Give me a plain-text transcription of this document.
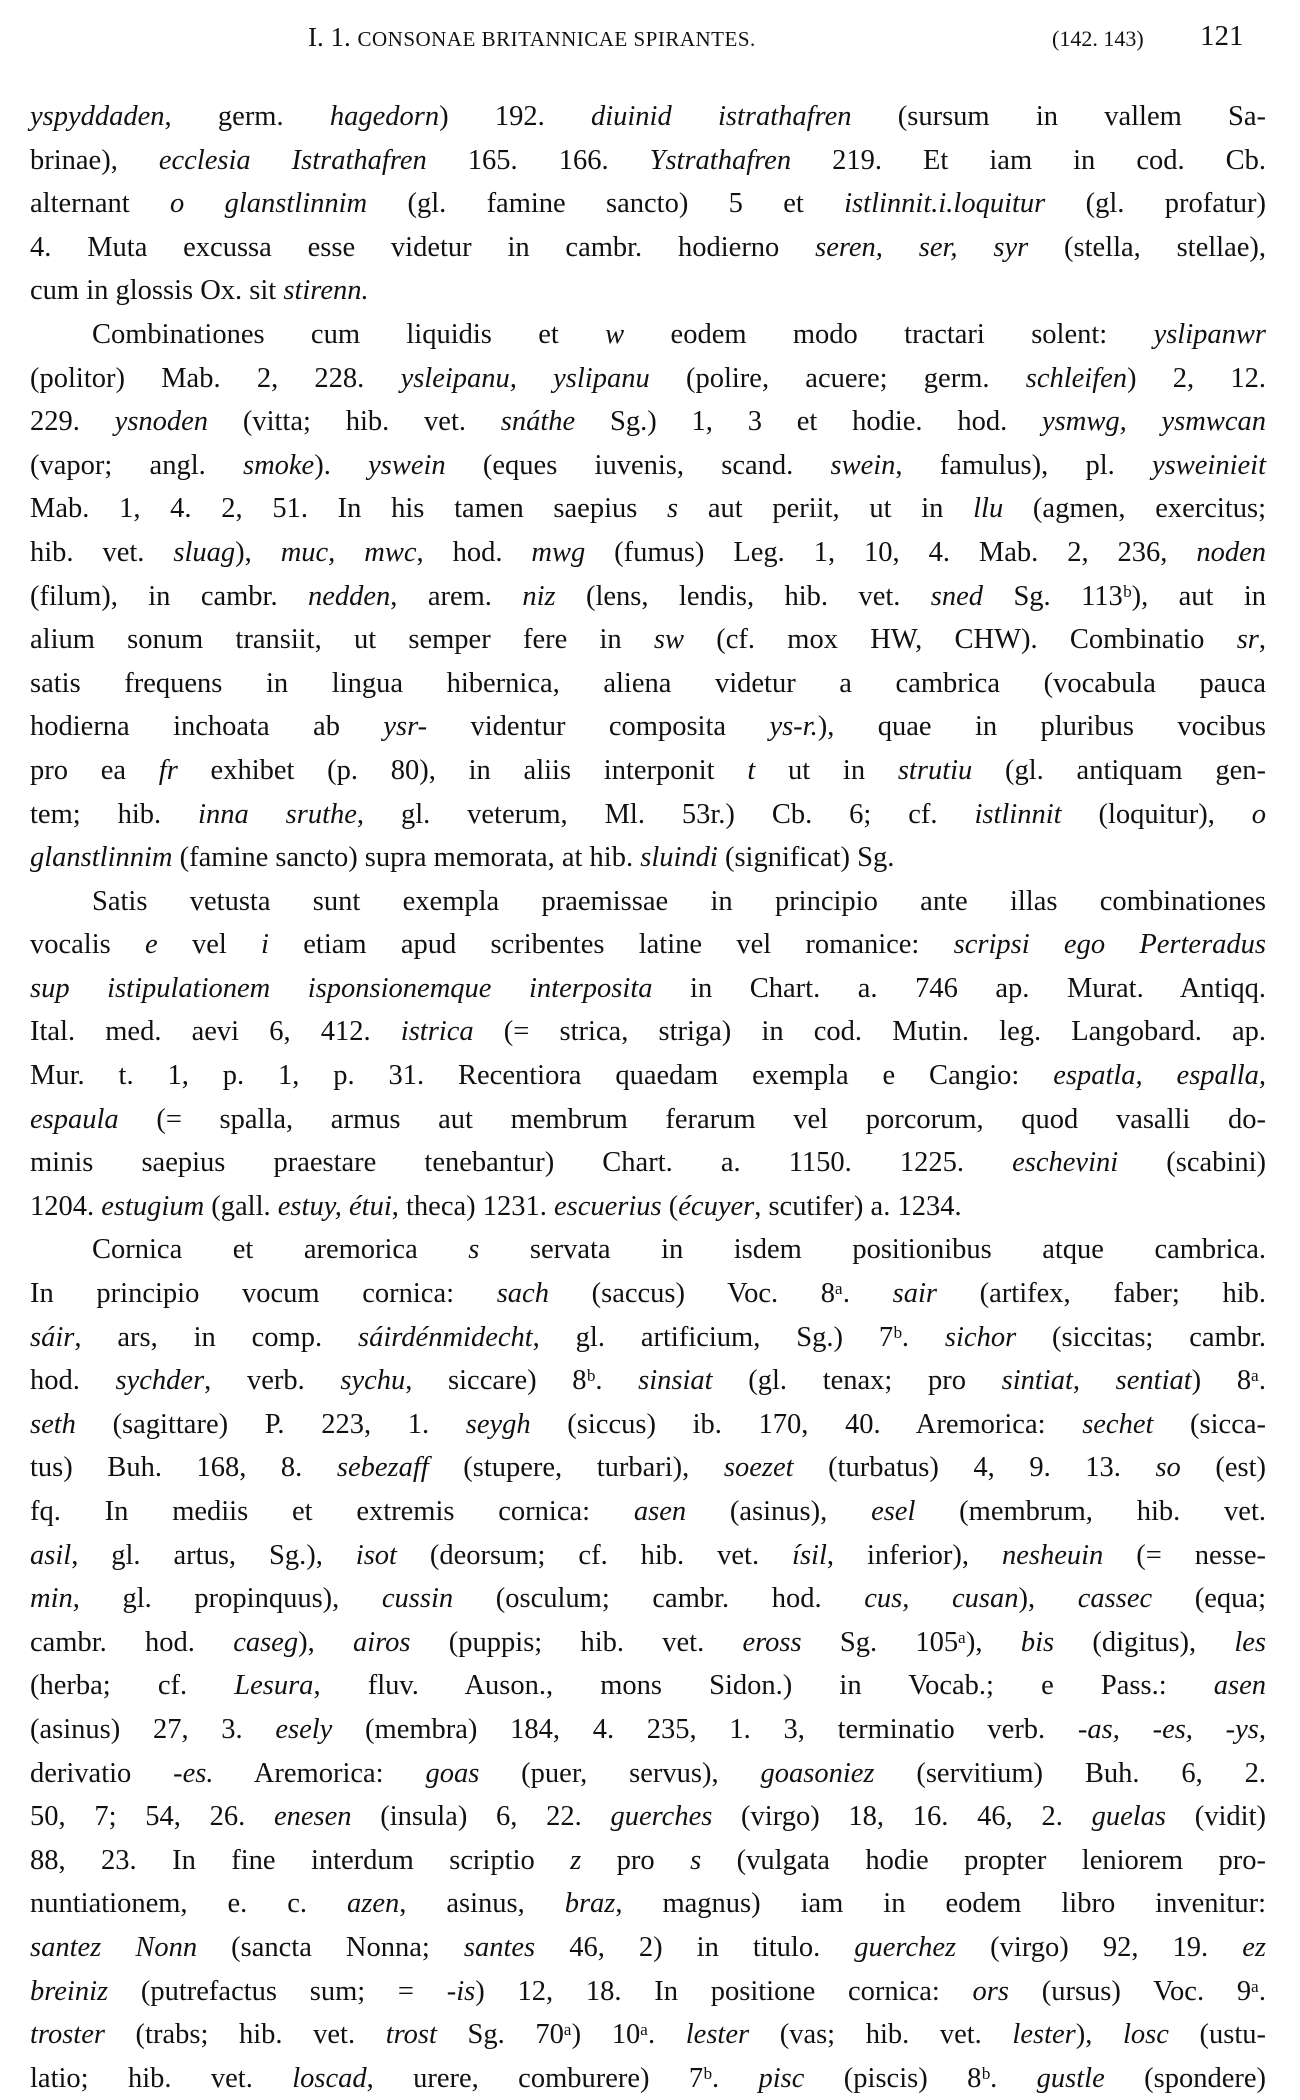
I. 1. CONSONAE BRITANNICAE SPIRANTES.	(142. 143) 121
yspyddaden, germ. hagedorn) 192. diuinid istrathafren (sursum in vallem Sa-
brinae), ecclesia Istrathafren 165. 166. Ystrathafren 219. Et iam in cod. Cb.
alternant o glanstlinnim (gl. famine sancto) 5 et istlinnit.i.loquitur (gl. profatur)
4. Muta excussa esse videtur in cambr. hodierno seren, ser, syr (stella, stellae),
cum in glossis Ox. sit stirenn.
Combinationes cum liquidis et w eodem modo tractari solent: yslipanwr
(politor) Mab. 2, 228. ysleipanu, yslipanu (polire, acuere; germ. schleifen) 2, 12.
229. ysnoden (vitta; hib. vet. snáthe Sg.) 1, 3 et hodie. hod. ysmwg, ysmwcan
(vapor; angl. smoke). yswein (eques iuvenis, scand. swein, famulus), pl. ysweinieit
Mab. 1, 4. 2, 51. In his tamen saepius s aut periit, ut in llu (agmen, exercitus;
hib. vet. sluag), muc, mwc, hod. mwg (fumus) Leg. 1, 10, 4. Mab. 2, 236, noden
(filum), in cambr. nedden, arem. niz (lens, lendis, hib. vet. sned Sg. 113ᵇ), aut in
alium sonum transiit, ut semper fere in sw (cf. mox HW, CHW). Combinatio sr,
satis frequens in lingua hibernica, aliena videtur a cambrica (vocabula pauca
hodierna inchoata ab ysr- videntur composita ys-r.), quae in pluribus vocibus
pro ea fr exhibet (p. 80), in aliis interponit t ut in strutiu (gl. antiquam gen-
tem; hib. inna sruthe, gl. veterum, Ml. 53r.) Cb. 6; cf. istlinnit (loquitur), o
glanstlinnim (famine sancto) supra memorata, at hib. sluindi (significat) Sg.
Satis vetusta sunt exempla praemissae in principio ante illas combinationes
vocalis e vel i etiam apud scribentes latine vel romanice: scripsi ego Perteradus
sup istipulationem isponsionemque interposita in Chart. a. 746 ap. Murat. Antiqq.
Ital. med. aevi 6, 412. istrica (= strica, striga) in cod. Mutin. leg. Langobard. ap.
Mur. t. 1, p. 1, p. 31. Recentiora quaedam exempla e Cangio: espatla, espalla,
espaula (= spalla, armus aut membrum ferarum vel porcorum, quod vasalli do-
minis saepius praestare tenebantur) Chart. a. 1150. 1225. eschevini (scabini)
1204. estugium (gall. estuy, étui, theca) 1231. escuerius (écuyer, scutifer) a. 1234.
Cornica et aremorica s servata in isdem positionibus atque cambrica.
In principio vocum cornica: sach (saccus) Voc. 8ᵃ. sair (artifex, faber; hib.
sáir, ars, in comp. sáirdénmidecht, gl. artificium, Sg.) 7ᵇ. sichor (siccitas; cambr.
hod. sychder, verb. sychu, siccare) 8ᵇ. sinsiat (gl. tenax; pro sintiat, sentiat) 8ᵃ.
seth (sagittare) P. 223, 1. seygh (siccus) ib. 170, 40. Aremorica: sechet (sicca-
tus) Buh. 168, 8. sebezaff (stupere, turbari), soezet (turbatus) 4, 9. 13. so (est)
fq. In mediis et extremis cornica: asen (asinus), esel (membrum, hib. vet.
asil, gl. artus, Sg.), isot (deorsum; cf. hib. vet. ísil, inferior), nesheuin (= nesse-
min, gl. propinquus), cussin (osculum; cambr. hod. cus, cusan), cassec (equa;
cambr. hod. caseg), airos (puppis; hib. vet. eross Sg. 105ᵃ), bis (digitus), les
(herba; cf. Lesura, fluv. Auson., mons Sidon.) in Vocab.; e Pass.: asen
(asinus) 27, 3. esely (membra) 184, 4. 235, 1. 3, terminatio verb. -as, -es, -ys,
derivatio -es. Aremorica: goas (puer, servus), goasoniez (servitium) Buh. 6, 2.
50, 7; 54, 26. enesen (insula) 6, 22. guerches (virgo) 18, 16. 46, 2. guelas (vidit)
88, 23. In fine interdum scriptio z pro s (vulgata hodie propter leniorem pro-
nuntiationem, e. c. azen, asinus, braz, magnus) iam in eodem libro invenitur:
santez Nonn (sancta Nonna; santes 46, 2) in titulo. guerchez (virgo) 92, 19. ez
breiniz (putrefactus sum; = -is) 12, 18. In positione cornica: ors (ursus) Voc. 9ᵃ.
troster (trabs; hib. vet. trost Sg. 70ᵃ) 10ᵃ. lester (vas; hib. vet. lester), losc (ustu-
latio; hib. vet. loscad, urere, comburere) 7ᵇ. pisc (piscis) 8ᵇ. gustle (spondere)
